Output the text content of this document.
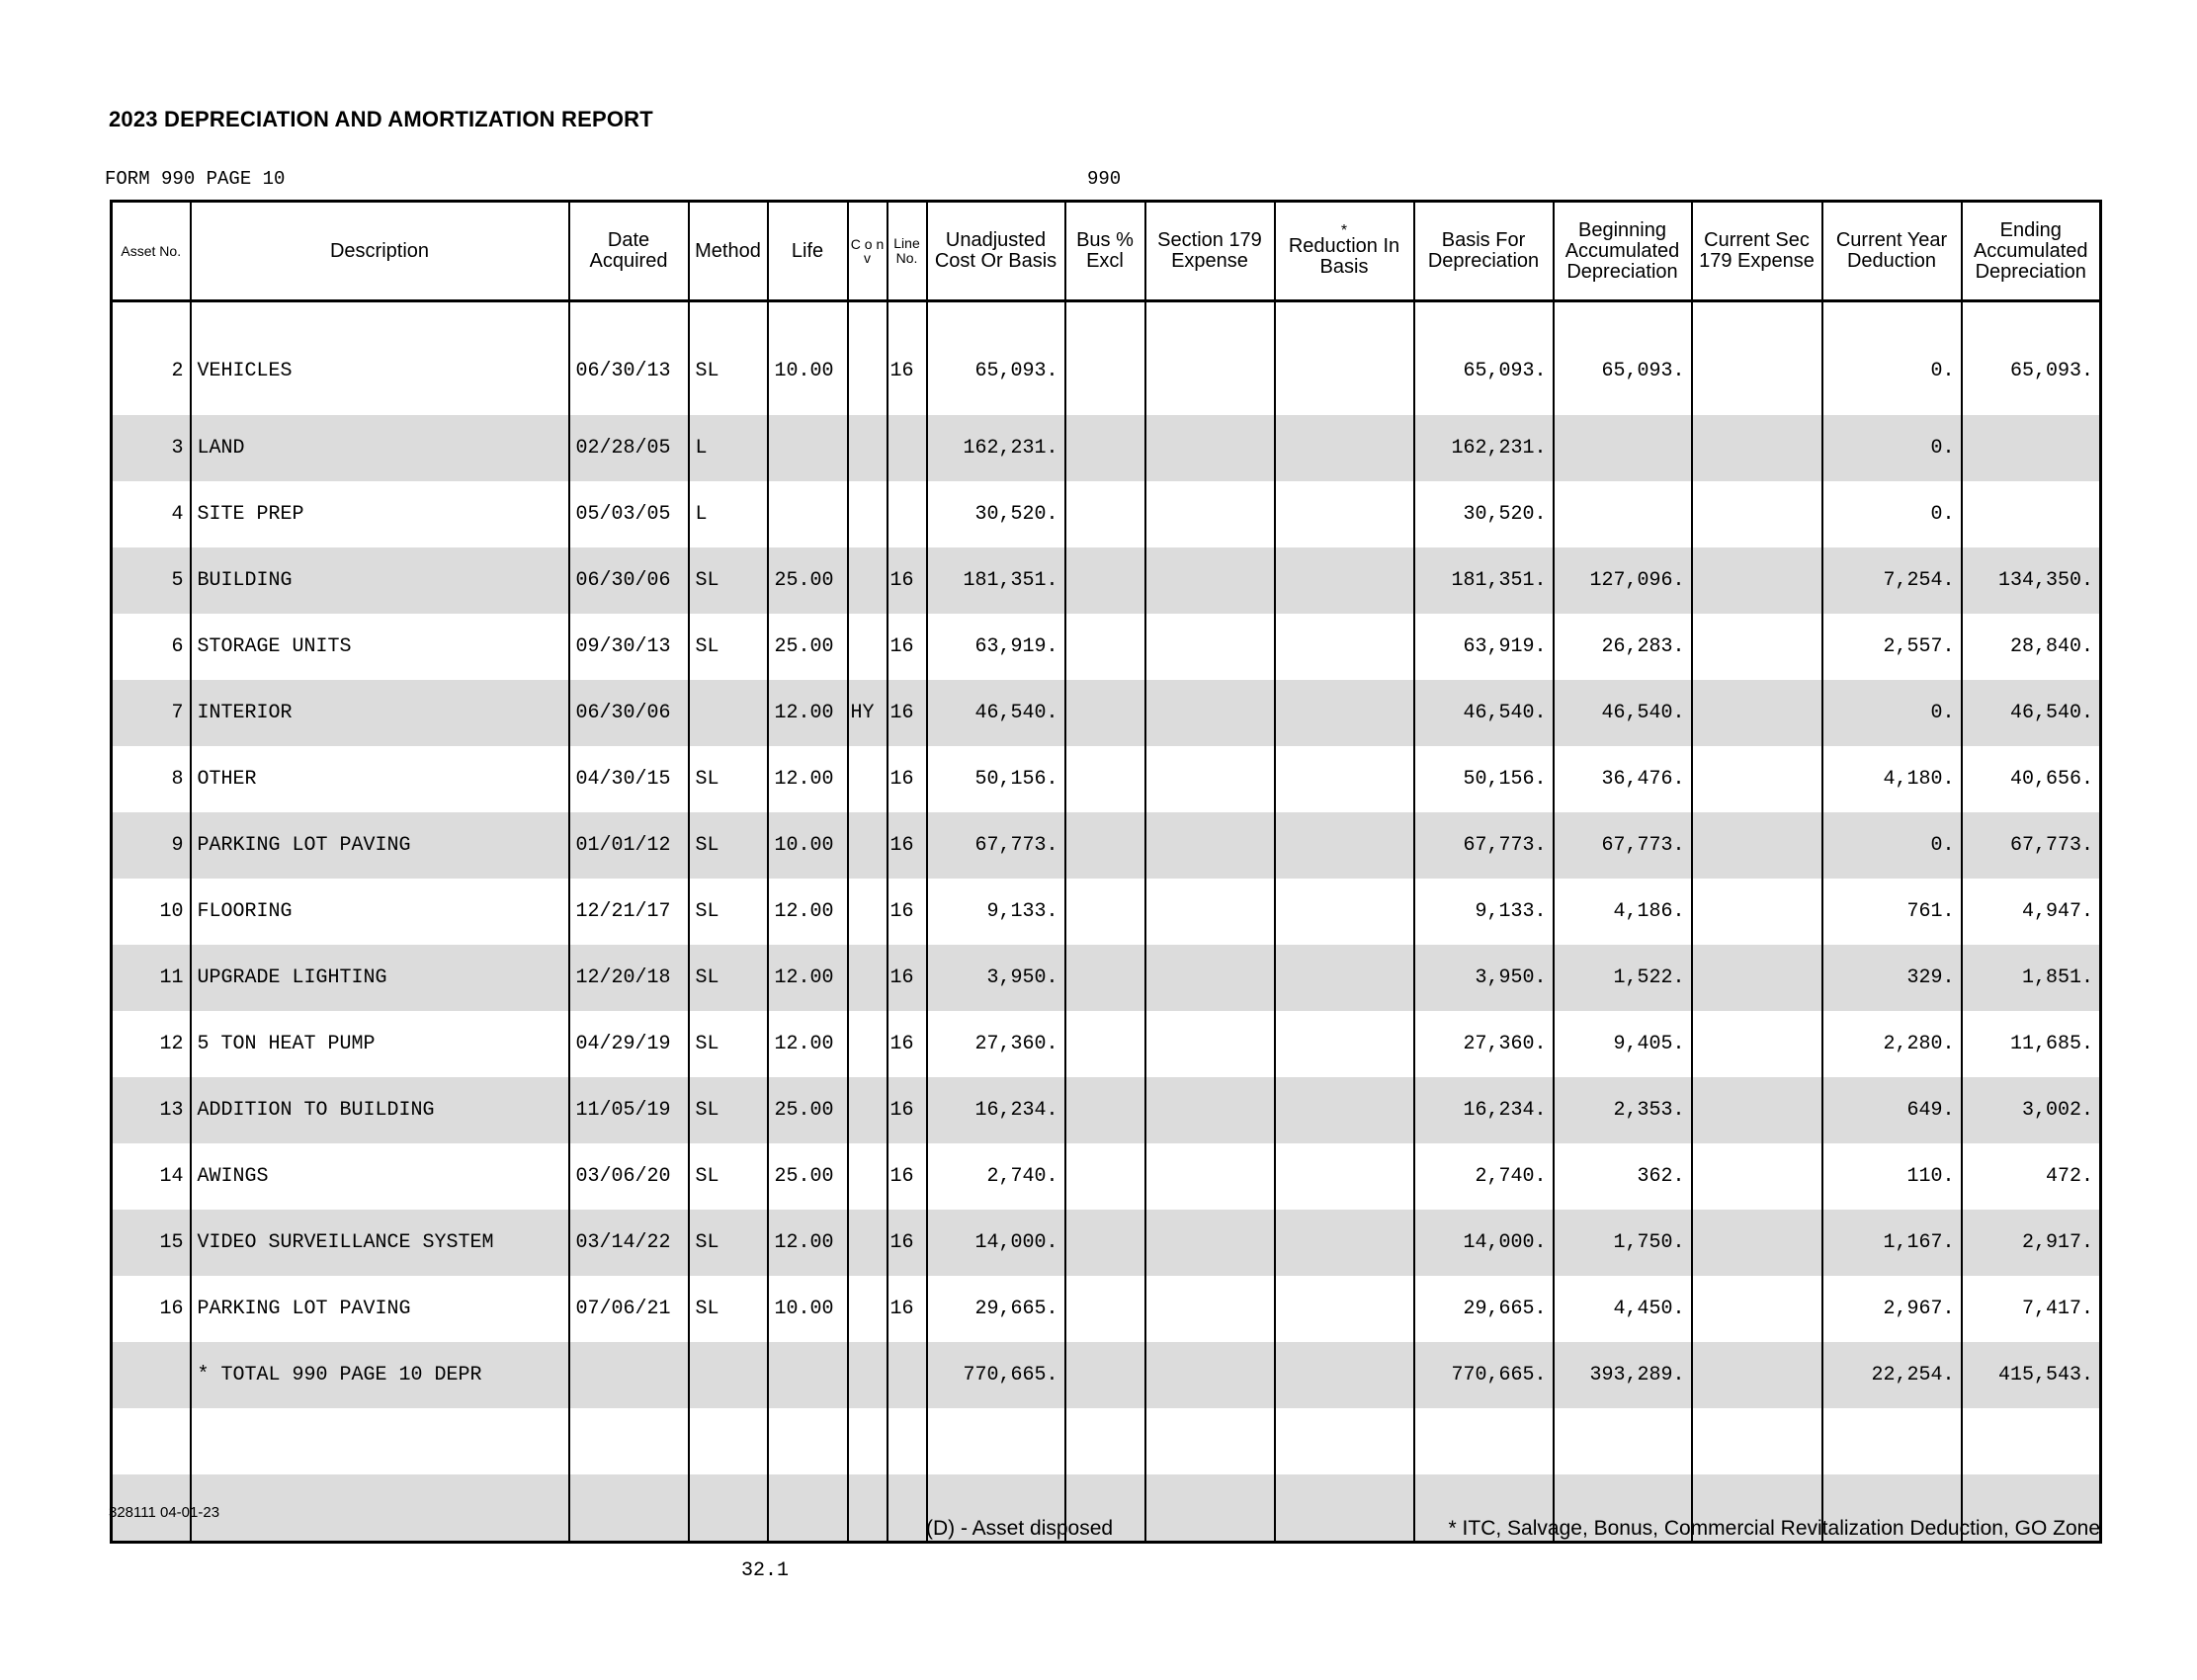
2023 DEPRECIATION AND AMORTIZATION REPORT
FORM 990 PAGE 10	990
Asset No.	Description	Date Acquired	Method	Life	C o n v	Line No.	Unadjusted Cost Or Basis	Bus % Excl	Section 179 Expense	*
Reduction In Basis	Basis For Depreciation	Beginning Accumulated Depreciation	Current Sec 179 Expense	Current Year Deduction	Ending Accumulated Depreciation
2	VEHICLES	06/30/13	SL	10.00		16	65,093.				65,093.	65,093.		0.	65,093.
3	LAND	02/28/05	L				162,231.				162,231.			0.	
4	SITE PREP	05/03/05	L				30,520.				30,520.			0.	
5	BUILDING	06/30/06	SL	25.00		16	181,351.				181,351.	127,096.		7,254.	134,350.
6	STORAGE UNITS	09/30/13	SL	25.00		16	63,919.				63,919.	26,283.		2,557.	28,840.
7	INTERIOR	06/30/06		12.00	HY	16	46,540.				46,540.	46,540.		0.	46,540.
8	OTHER	04/30/15	SL	12.00		16	50,156.				50,156.	36,476.		4,180.	40,656.
9	PARKING LOT PAVING	01/01/12	SL	10.00		16	67,773.				67,773.	67,773.		0.	67,773.
10	FLOORING	12/21/17	SL	12.00		16	9,133.				9,133.	4,186.		761.	4,947.
11	UPGRADE LIGHTING	12/20/18	SL	12.00		16	3,950.				3,950.	1,522.		329.	1,851.
12	5 TON HEAT PUMP	04/29/19	SL	12.00		16	27,360.				27,360.	9,405.		2,280.	11,685.
13	ADDITION TO BUILDING	11/05/19	SL	25.00		16	16,234.				16,234.	2,353.		649.	3,002.
14	AWINGS	03/06/20	SL	25.00		16	2,740.				2,740.	362.		110.	472.
15	VIDEO SURVEILLANCE SYSTEM	03/14/22	SL	12.00		16	14,000.				14,000.	1,750.		1,167.	2,917.
16	PARKING LOT PAVING	07/06/21	SL	10.00		16	29,665.				29,665.	4,450.		2,967.	7,417.
	* TOTAL 990 PAGE 10 DEPR						770,665.				770,665.	393,289.		22,254.	415,543.

328111 04-01-23
(D) - Asset disposed	* ITC, Salvage, Bonus, Commercial Revitalization Deduction, GO Zone
32.1
